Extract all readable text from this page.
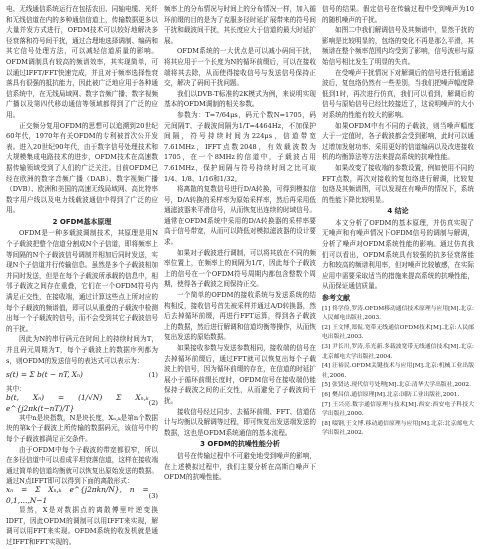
电、无线通信系统运行在包括农田、同轴电缆、光纤和无线信道在内的多种通信信道上，传输数据更多以大量并发方式进行，OFDM技术可以较好地解决多径衰落和符号间干扰，通过合理地选择调制、编码和其它信号处理方法，可以减轻信道质量的影响。OFDM调制具有较高的频谱效率，其实现简单，可以通过IFFT/FFT快速完成，并且对于频率选择性衰落具有很强的抵抗能力，因此被广泛地应用于各种通信系统中，在无线局域网、数字音频广播、数字视频广播以及第四代移动通信等领域都得到了广泛的应用。

正交频分复用OFDM的思想可以追溯到20世纪60年代，1970年有关OFDM的专利被首次公开发表。进入20世纪90年代，由于数字信号处理技术和大规模集成电路技术的进步，OFDM技术在高速数据传输领域受到了人们的广泛关注。目前OFDM已经在欧洲的数字音频广播（DAB）、数字视频广播（DVB）、欧洲和美国的高速无线局域网、高比特率数字用户线以及电力线载波通信中得到了广泛的应用。

2 OFDM基本原理

OFDM是一种多载波调制技术，其原理是用N个子载波把整个信道分割成N个子信道，即将频率上等间隔的N个子载波信号调制并相加后同时发送，实现N个子信道并行传输信息。虽然是多个子载波相加并同时发送，但是在每个子载波所承载的信息中，相邻子载波之间存在重叠，它们在一个OFDM符号内满足正交性，在接收端，通过计算这些点上所对应的每个子载波的频谱值，即可以从重叠的子载波中检测出每一个子载波的信号，而不会受到其它子载波信号的干扰。

因此为N的串行码元在时间上的持续时间为T，并且码元周期为T，每个子载波上的数据序列都为s，则OFDM的发送信号的表达式可以表示为：

s(t) = Σ b(t − nT, Xₙ)	(1)

其中：

b(t, Xₙ) = (1/√N) Σ Xₙ,ₖ e^{j2πk(t−nT)/T}
(2)

其中n是块指数，N是块长度，Xₙ,ₖ是第n个数据块的第k个子载波上所传输的数据码元，该信号中的每个子载波都满足正交条件。

由于OFDM中每个子载波的带宽都很窄，所以在多径信道中可以看成平坦衰落信道，这样在接收端通过简单的信道均衡就可以恢复出原始发送的数据。通过N点IFFT即可以得到下面的离散形式：

xₙ = Σ Xₙ,ₖ e^{j2πkn/N}, n = 0,1,…,N−1
(3)

显然，X是对数据点的离散傅里叶逆变换IDFT，因此OFDM的调制可以用IFFT来实现，解调可以用FFT来实现。OFDM系统的收发机就是通过IFFT和FFT实现的。

频率上的分布情况与时间上的分布情况一样，加入循环前缀的目的是为了克服多径时延扩展带来的符号间干扰和载波间干扰，其长度应大于信道的最大时延扩展。

OFDM系统的一大优点是可以减小码间干扰，将其应用于一个长度为N的循环前缀后，可以在接收端将其去除，从而使得接收信号与发送信号保持正交，解决了码间干扰问题。

我们以DVB-T标准的2K模式为例，来说明实现基本的OFDM调制的相关参数。

参数为：T=7/64μs，码元个数N=1705，码元间隔T、子载波间隔为1/T=4464Hz，不加保护间隔，符号持续时间为224μs，信道带宽7.61MHz，IFFT点数2048，有效载波数为1705，在一个8MHz的信道中，子载波占用7.61MHz，保护间隔与符号持续时间之比可取1/4、1/8、1/16和1/32。

将离散的复数信号进行D/A转换，可得到模拟信号，D/A转换的采样率为原始采样率，然后再采用低通滤波器来平滑信号，从而恢复出连续的时域信号。通常在OFDM系统中采用的D/A转换器的采样率要高于信号带宽，从而可以降低对模拟滤波器的设计要求。

如果对子载波进行调制，可以将其放在不同的频率位置上，在频率上的间隔为1/T，因此每个子载波上的信号在一个OFDM符号周期内都包含整数个周期，使得各子载波之间保持正交。

一个简单的OFDM的接收系统与发送系统的结构相反，接收信号首先被采样并通过A/D转换器，然后去掉循环前缀，再进行FFT运算，得到各子载波上的数据，然后进行解调和信道均衡等操作，从而恢复出发送的原始数据。

如果接收参数与发送参数相同，接收端的信号在去掉循环前缀后，通过FFT就可以恢复出每个子载波上的信号，因为循环前缀的存在，在信道的时延扩展小于循环前缀长度时，OFDM信号在接收端仍能保持子载波之间的正交性，从而避免了子载波间干扰。

接收信号经过同步、去循环前缀、FFT、信道估计与均衡以及解调等过程，即可恢复出发送端发送的数据，这也是OFDM系统通信的基本流程。

3 OFDM的抗噪性能分析

信号在传输过程中不可避免地受到噪声的影响，在上述模拟过程中，我们主要分析在高斯白噪声下OFDM的抗噪性能。

信号的结果。假定信号在传输过程中受到噪声为10的随机噪声的干扰。

如图二中我们解调信号及其频谱中，显然干扰的影响是比较明显的，包络的变化不再是那么平滑，其频谱在整个频率范围内均受到了影响，信号波形与原始信号相比发生了明显的失真。

在受噪声干扰情况下对解调后的信号进行低通滤波后，复包络仍然有一些差别，当我们把噪声幅度降低到1时，再次进行仿真，我们可以看到，解调后的信号与原始信号已经比较接近了，这说明噪声的大小对系统的性能有较大的影响。

如果OFDM中有不同的子载波，则当噪声幅度大于一定值时，各子载波都会受到影响，此时可以通过增加发射功率、采用更好的信道编码以及改进接收机的均衡算法等方法来提高系统的抗噪性能。

如果改变了接收端的参数设置，例如使用不同的FFT点数，再次对接收的复包络进行解调，比较复包络及其频谱图，可以发现在有噪声的情况下，系统的性能下降比较明显。

4 结论

本文分析了OFDM的基本原理，并仿真实现了无噪声和有噪声情况下OFDM信号的调制与解调，分析了噪声对OFDM系统性能的影响。通过仿真我们可以看出，OFDM系统具有较强的抗多径衰落能力和较高的频谱利用率，但对噪声比较敏感，在实际应用中需要采取适当的措施来提高系统的抗噪性能，从而保证通信质量。

参考文献

[1] 佟学俭,罗涛.OFDM移动通信技术原理与应用[M].北京:人民邮电出版社,2003.

[2] 王文博,郑侃.宽带无线通信OFDM技术[M].北京:人民邮电出版社,2003.

[3] 尹长川,罗涛,乐光新.多载波宽带无线通信技术[M].北京:北京邮电大学出版社,2004.

[4] 汪裕民.OFDM关键技术与应用[M].北京:机械工业出版社,2006.

[5] 张贤达.现代信号处理[M].北京:清华大学出版社,2002.

[6] 樊昌信.通信原理[M].北京:国防工业出版社,2001.

[7] 王兴亮.数字通信原理与技术[M].西安:西安电子科技大学出版社,2000.

[8] 啜钢,王文博.移动通信原理与应用[M].北京:北京邮电大学出版社,2002.
